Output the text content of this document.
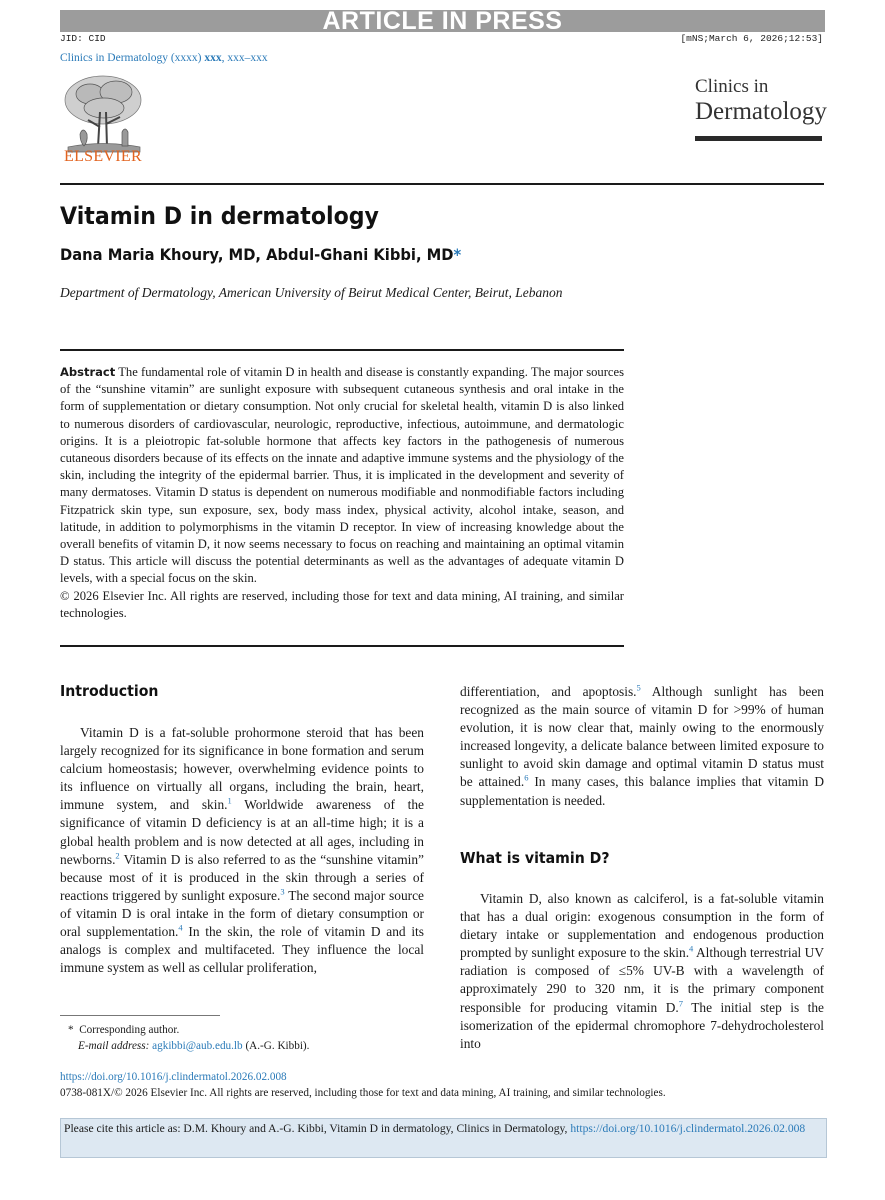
ARTICLE IN PRESS
JID: CID	[mNS;March 6, 2026;12:53]
Clinics in Dermatology (xxxx) xxx, xxx–xxx
ELSEVIER
Clinics in
Dermatology
Vitamin D in dermatology
Dana Maria Khoury, MD, Abdul-Ghani Kibbi, MD*
Department of Dermatology, American University of Beirut Medical Center, Beirut, Lebanon
Abstract The fundamental role of vitamin D in health and disease is constantly expanding. The major sources of the “sunshine vitamin” are sunlight exposure with subsequent cutaneous synthesis and oral intake in the form of supplementation or dietary consumption. Not only crucial for skeletal health, vitamin D is also linked to numerous disorders of cardiovascular, neurologic, reproductive, infectious, autoimmune, and dermatologic origins. It is a pleiotropic fat-soluble hormone that affects key factors in the pathogenesis of numerous cutaneous disorders because of its effects on the innate and adaptive immune systems and the physiology of the skin, including the integrity of the epidermal barrier. Thus, it is implicated in the development and severity of many dermatoses. Vitamin D status is dependent on numerous modifiable and nonmodifiable factors including Fitzpatrick skin type, sun exposure, sex, body mass index, physical activity, alcohol intake, season, and latitude, in addition to polymorphisms in the vitamin D receptor. In view of increasing knowledge about the overall benefits of vitamin D, it now seems necessary to focus on reaching and maintaining an optimal vitamin D status. This article will discuss the potential determinants as well as the advantages of adequate vitamin D levels, with a special focus on the skin.
© 2026 Elsevier Inc. All rights are reserved, including those for text and data mining, AI training, and similar technologies.
Introduction

Vitamin D is a fat-soluble prohormone steroid that has been largely recognized for its significance in bone formation and serum calcium homeostasis; however, overwhelming evidence points to its influence on virtually all organs, including the brain, heart, immune system, and skin.$^1$ Worldwide awareness of the significance of vitamin D deficiency is at an all-time high; it is a global health problem and is now detected at all ages, including in newborns.$^2$ Vitamin D is also referred to as the “sunshine vitamin” because most of it is produced in the skin through a series of reactions triggered by sunlight exposure.$^3$ The second major source of vitamin D is oral intake in the form of dietary consumption or oral supplementation.$^4$ In the skin, the role of vitamin D and its analogs is complex and multifaceted. They influence the local immune system as well as cellular proliferation,

differentiation, and apoptosis.$^5$ Although sunlight has been recognized as the main source of vitamin D for >99% of human evolution, it is now clear that, mainly owing to the enormously increased longevity, a delicate balance between limited exposure to sunlight to avoid skin damage and optimal vitamin D status must be attained.$^6$ In many cases, this balance implies that vitamin D supplementation is needed.

What is vitamin D?

Vitamin D, also known as calciferol, is a fat-soluble vitamin that has a dual origin: exogenous consumption in the form of dietary intake or supplementation and endogenous production prompted by sunlight exposure to the skin.$^4$ Although terrestrial UV radiation is composed of ≤5% UV-B with a wavelength of approximately 290 to 320 nm, it is the primary component responsible for producing vitamin D.$^7$ The initial step is the isomerization of the epidermal chromophore 7-dehydrocholesterol into

* Corresponding author.
E-mail address: agkibbi@aub.edu.lb (A.-G. Kibbi).
https://doi.org/10.1016/j.clindermatol.2026.02.008
0738-081X/© 2026 Elsevier Inc. All rights are reserved, including those for text and data mining, AI training, and similar technologies.
Please cite this article as: D.M. Khoury and A.-G. Kibbi, Vitamin D in dermatology, Clinics in Dermatology, https://doi.org/10.1016/j.clindermatol.2026.02.008
